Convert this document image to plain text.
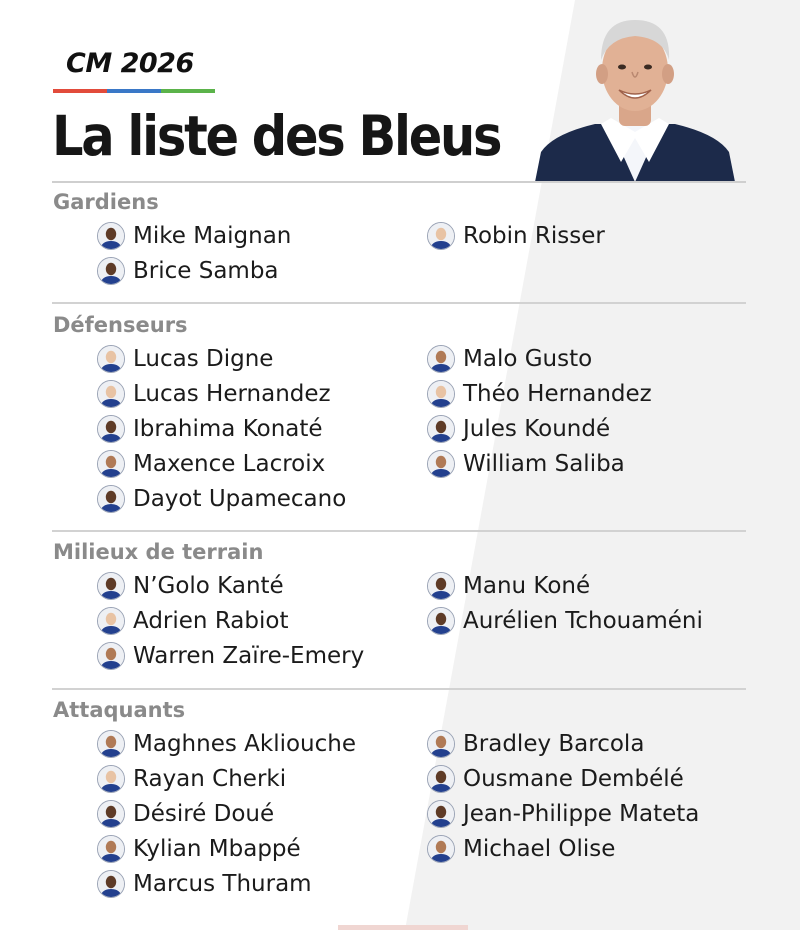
CM 2026
La liste des Bleus
Gardiens
Mike Maignan	Robin Risser
Brice Samba
Défenseurs
Lucas Digne	Malo Gusto
Lucas Hernandez	Théo Hernandez
Ibrahima Konaté	Jules Koundé
Maxence Lacroix	William Saliba
Dayot Upamecano
Milieux de terrain
N’Golo Kanté	Manu Koné
Adrien Rabiot	Aurélien Tchouaméni
Warren Zaïre-Emery
Attaquants
Maghnes Akliouche	Bradley Barcola
Rayan Cherki	Ousmane Dembélé
Désiré Doué	Jean-Philippe Mateta
Kylian Mbappé	Michael Olise
Marcus Thuram
